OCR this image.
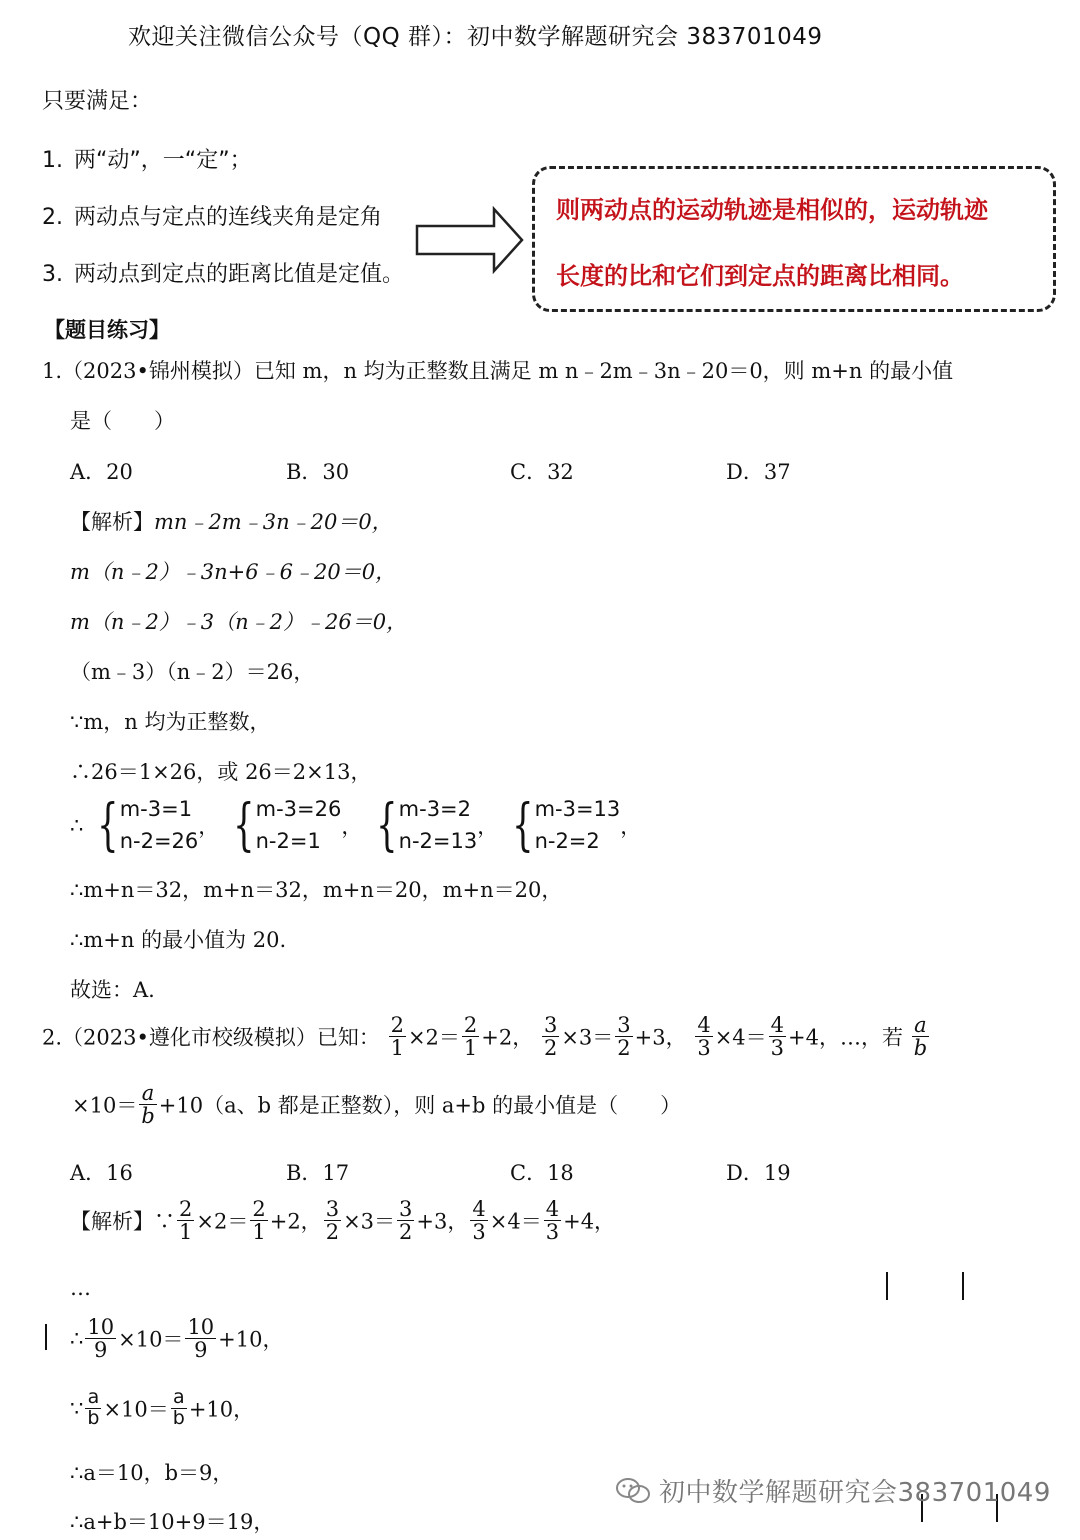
欢迎关注微信公众号（QQ 群）：初中数学解题研究会 383701049
只要满足：
1. 两“动”，一“定”；
2. 两动点与定点的连线夹角是定角
3. 两动点到定点的距离比值是定值。
则两动点的运动轨迹是相似的，运动轨迹
长度的比和它们到定点的距离比相同。
【题目练习】
1.（2023•锦州模拟）已知 m，n 均为正整数且满足 m n﹣2m﹣3n﹣20＝0，则 m+n 的最小值
是（　　）
A．20	B．30	C．32	D．37
【解析】mn﹣2m﹣3n﹣20＝0，
m（n﹣2）﹣3n+6﹣6﹣20＝0，
m（n﹣2）﹣3（n﹣2）﹣26＝0，
（m﹣3）（n﹣2）＝26，
∵m，n 均为正整数，
∴26＝1×26，或 26＝2×13，
∴ { m-3=1
n-2=26
， { m-3=26
n-2=1
， { m-3=2
n-2=13
， { m-3=13
n-2=2
，
∴m+n＝32，m+n＝32，m+n＝20，m+n＝20，
∴m+n 的最小值为 20.
故选：A.
2.（2023•遵化市校级模拟）已知： $\frac{2}{1} \times 2= \frac{2}{1} +2$， $\frac{3}{2} \times 3= \frac{3}{2} +3$， $\frac{4}{3} \times 4= \frac{4}{3} +4$，…，若 $\frac{a}{b}$
$\times 10= \frac{a}{b} +10(a$、b 都是正整数），则 a+b 的最小值是（　　）
A．16	B．17	C．18	D．19
【解析】∵ $\frac{2}{1} \times 2= \frac{2}{1} +2$， $\frac{3}{2} \times 3= \frac{3}{2} +3$， $\frac{4}{3} \times 4= \frac{4}{3} +4$，
…
∴ $\frac{10}{9} \times 10= \frac{10}{9} +10$，
∵ $\frac{a}{b} \times 10= \frac{a}{b} +10$，
∴a＝10，b＝9，
∴a+b＝10+9＝19，
初中数学解题研究会383701049
